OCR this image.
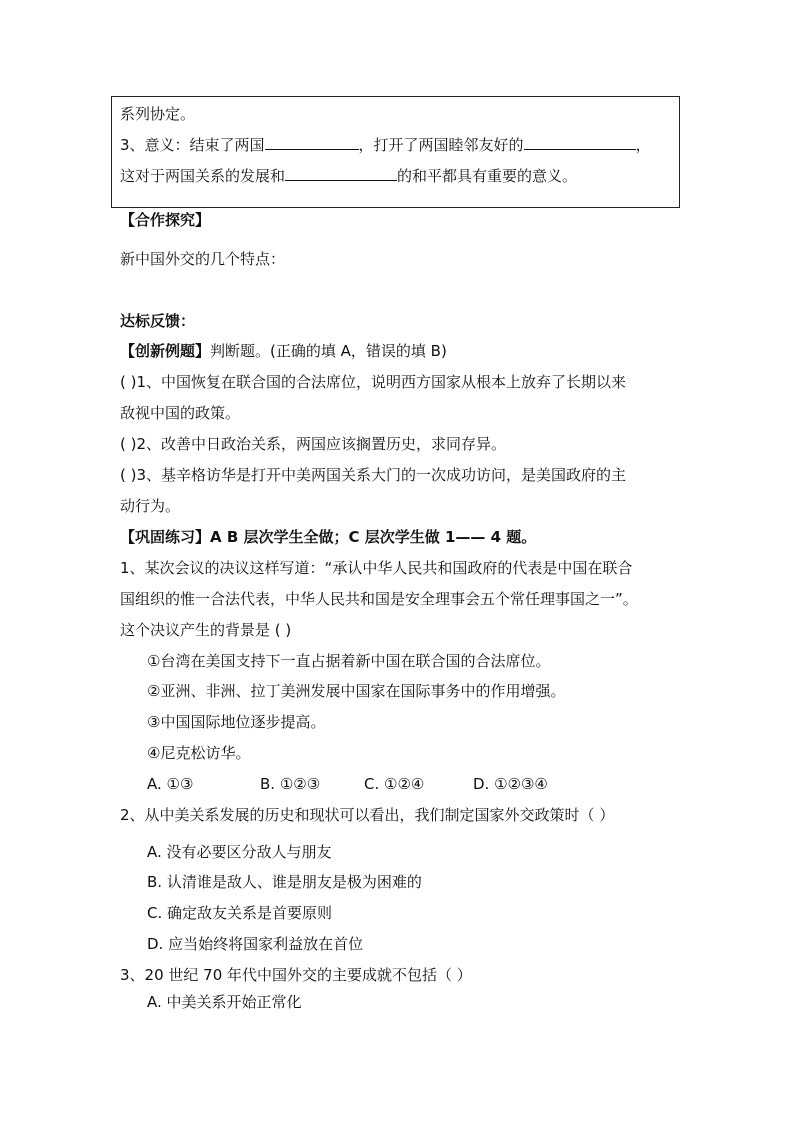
系列协定。
3、意义：结束了两国	，打开了两国睦邻友好的	，
这对于两国关系的发展和	的和平都具有重要的意义。
【合作探究】
新中国外交的几个特点：
达标反馈：
【创新例题】判断题。(正确的填 A，错误的填 B)
( )1、中国恢复在联合国的合法席位，说明西方国家从根本上放弃了长期以来
敌视中国的政策。
( )2、改善中日政治关系，两国应该搁置历史，求同存异。
( )3、基辛格访华是打开中美两国关系大门的一次成功访问，是美国政府的主
动行为。
【巩固练习】A B 层次学生全做；C 层次学生做 1—— 4 题。
1、某次会议的决议这样写道：“承认中华人民共和国政府的代表是中国在联合
国组织的惟一合法代表，中华人民共和国是安全理事会五个常任理事国之一”。
这个决议产生的背景是 ( )
①台湾在美国支持下一直占据着新中国在联合国的合法席位。
②亚洲、非洲、拉丁美洲发展中国家在国际事务中的作用增强。
③中国国际地位逐步提高。
④尼克松访华。
A. ①③	B. ①②③	C. ①②④	D. ①②③④
2、从中美关系发展的历史和现状可以看出，我们制定国家外交政策时（ ）
A. 没有必要区分敌人与朋友
B. 认清谁是敌人、谁是朋友是极为困难的
C. 确定敌友关系是首要原则
D. 应当始终将国家利益放在首位
3、20 世纪 70 年代中国外交的主要成就不包括（ ）
A. 中美关系开始正常化
